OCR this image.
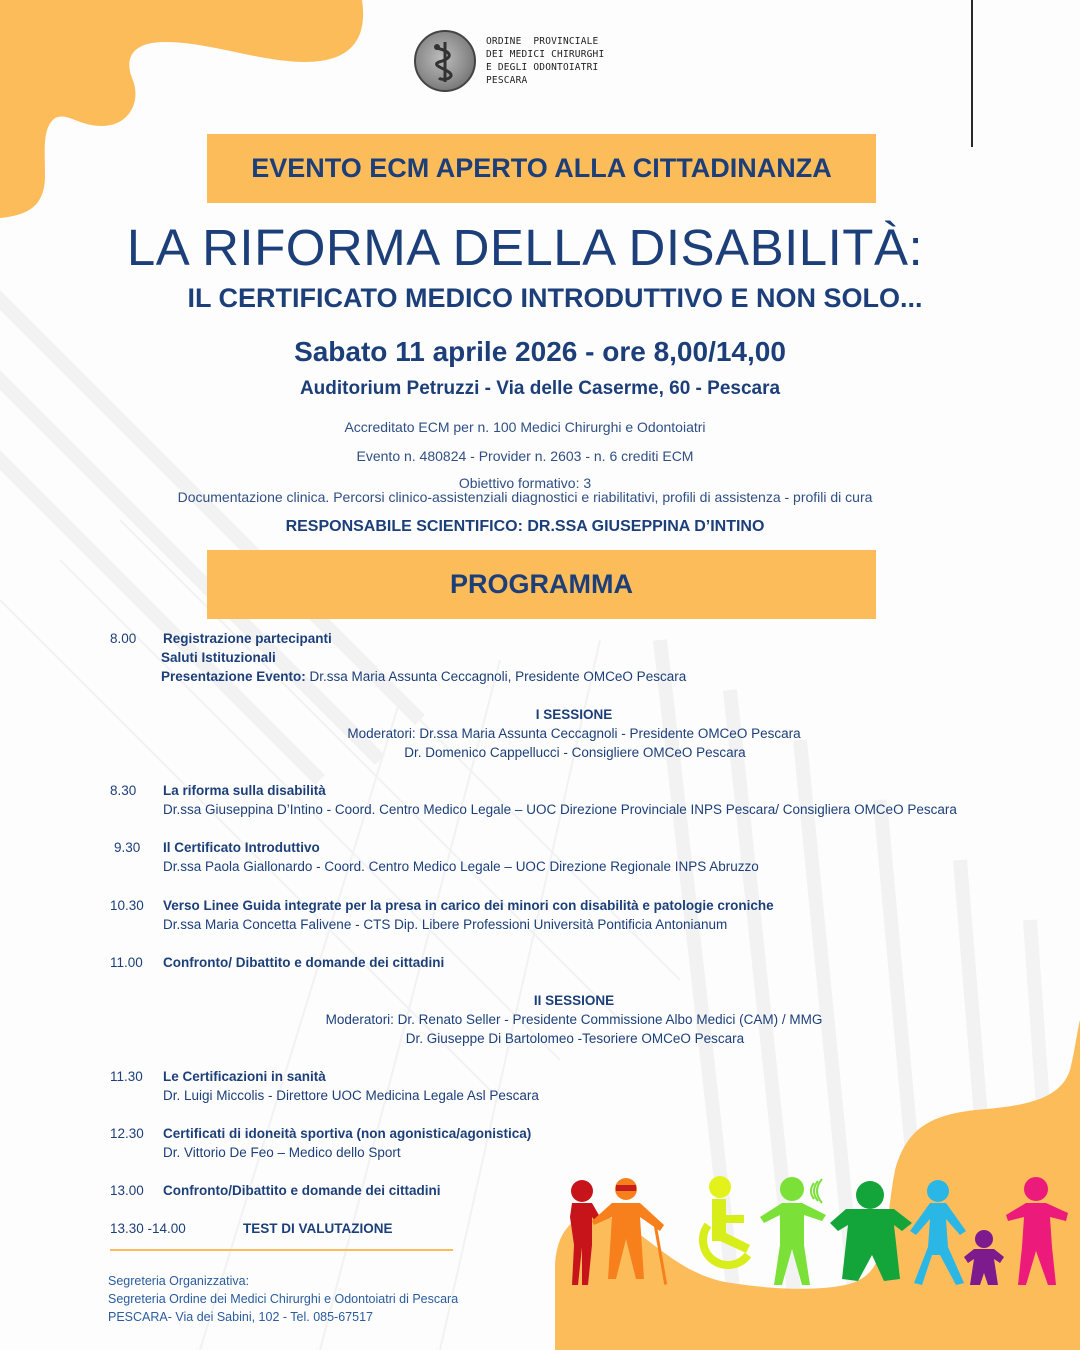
ORDINE  PROVINCIALE
DEI MEDICI CHIRURGHI
E DEGLI ODONTOIATRI
PESCARA
EVENTO ECM APERTO ALLA CITTADINANZA
LA RIFORMA DELLA DISABILITÀ:
IL CERTIFICATO MEDICO INTRODUTTIVO E NON SOLO...
Sabato 11 aprile 2026 - ore 8,00/14,00
Auditorium Petruzzi - Via delle Caserme, 60 - Pescara
Accreditato ECM per n. 100 Medici Chirurghi e Odontoiatri
Evento n. 480824 - Provider n. 2603 - n. 6 crediti ECM
Obiettivo formativo: 3
Documentazione clinica. Percorsi clinico-assistenziali diagnostici e riabilitativi, profili di assistenza - profili di cura
RESPONSABILE SCIENTIFICO: DR.SSA GIUSEPPINA D’INTINO
PROGRAMMA
8.00	Registrazione partecipanti
Saluti Istituzionali
Presentazione Evento: Dr.ssa Maria Assunta Ceccagnoli, Presidente OMCeO Pescara
I SESSIONE
Moderatori: Dr.ssa Maria Assunta Ceccagnoli - Presidente OMCeO Pescara
Dr. Domenico Cappellucci - Consigliere OMCeO Pescara
8.30	La riforma sulla disabilità
Dr.ssa Giuseppina D’Intino - Coord. Centro Medico Legale – UOC Direzione Provinciale INPS Pescara/ Consigliera OMCeO Pescara
9.30	Il Certificato Introduttivo
Dr.ssa Paola Giallonardo - Coord. Centro Medico Legale – UOC Direzione Regionale INPS Abruzzo
10.30	Verso Linee Guida integrate per la presa in carico dei minori con disabilità e patologie croniche
Dr.ssa Maria Concetta Falivene - CTS Dip. Libere Professioni Università Pontificia Antonianum
11.00	Confronto/ Dibattito e domande dei cittadini
II SESSIONE
Moderatori: Dr. Renato Seller - Presidente Commissione Albo Medici (CAM) / MMG
Dr. Giuseppe Di Bartolomeo -Tesoriere OMCeO Pescara
11.30	Le Certificazioni in sanità
Dr. Luigi Miccolis - Direttore UOC Medicina Legale Asl Pescara
12.30	Certificati di idoneità sportiva (non agonistica/agonistica)
Dr. Vittorio De Feo – Medico dello Sport
13.00	Confronto/Dibattito e domande dei cittadini
13.30 -14.00	TEST DI VALUTAZIONE
Segreteria Organizzativa:
Segreteria Ordine dei Medici Chirurghi e Odontoiatri di Pescara
PESCARA- Via dei Sabini, 102 - Tel. 085-67517
